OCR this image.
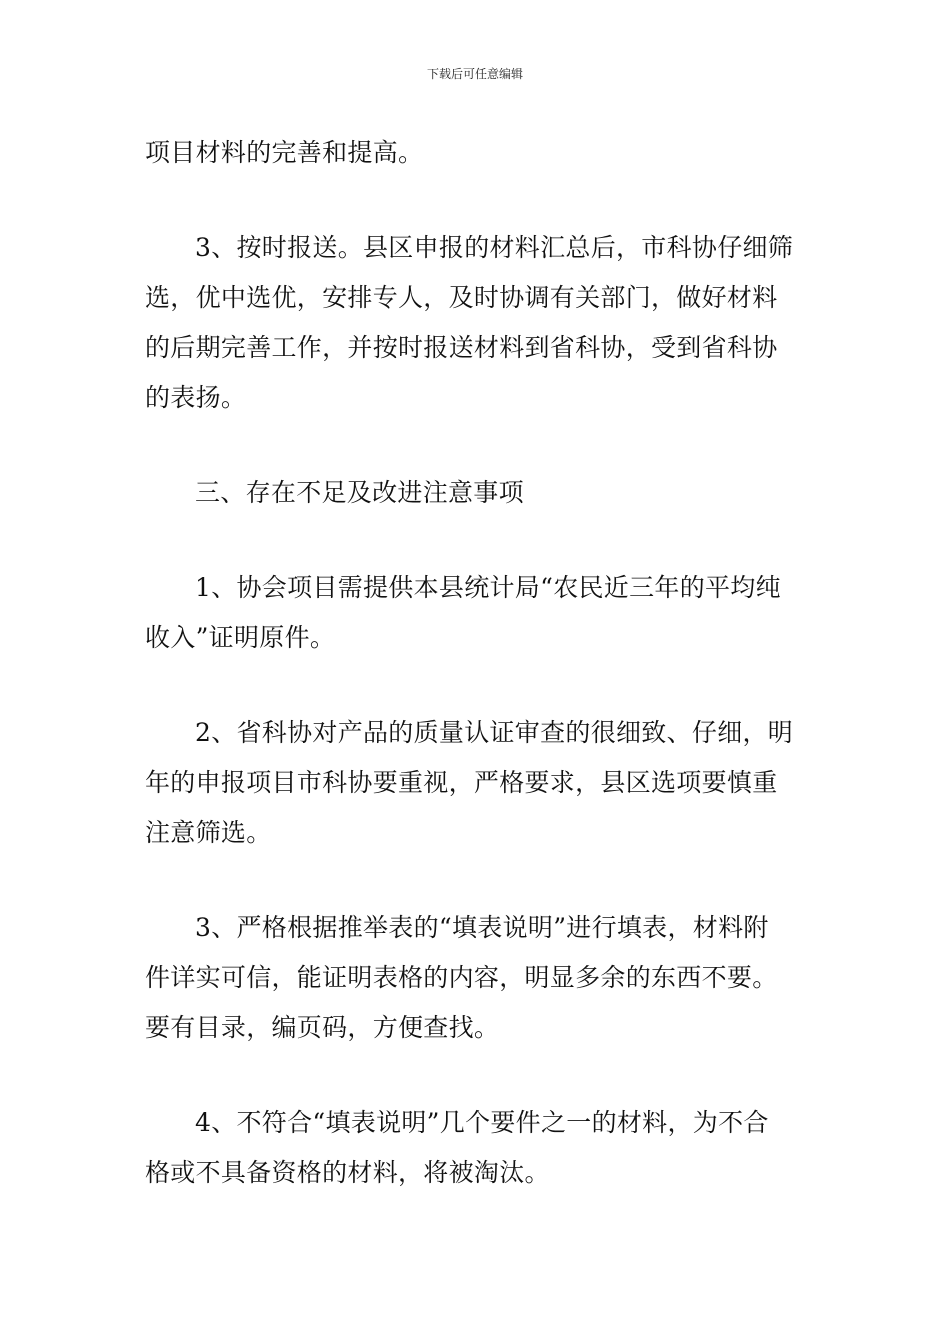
下载后可任意编辑

项目材料的完善和提高。

3、按时报送。县区申报的材料汇总后，市科协仔细筛
选，优中选优，安排专人，及时协调有关部门，做好材料
的后期完善工作，并按时报送材料到省科协，受到省科协
的表扬。

三、存在不足及改进注意事项

1、协会项目需提供本县统计局“农民近三年的平均纯
收入”证明原件。

2、省科协对产品的质量认证审查的很细致、仔细，明
年的申报项目市科协要重视，严格要求，县区选项要慎重
注意筛选。

3、严格根据推举表的“填表说明”进行填表，材料附
件详实可信，能证明表格的内容，明显多余的东西不要。
要有目录，编页码，方便查找。

4、不符合“填表说明”几个要件之一的材料，为不合
格或不具备资格的材料，将被淘汰。
